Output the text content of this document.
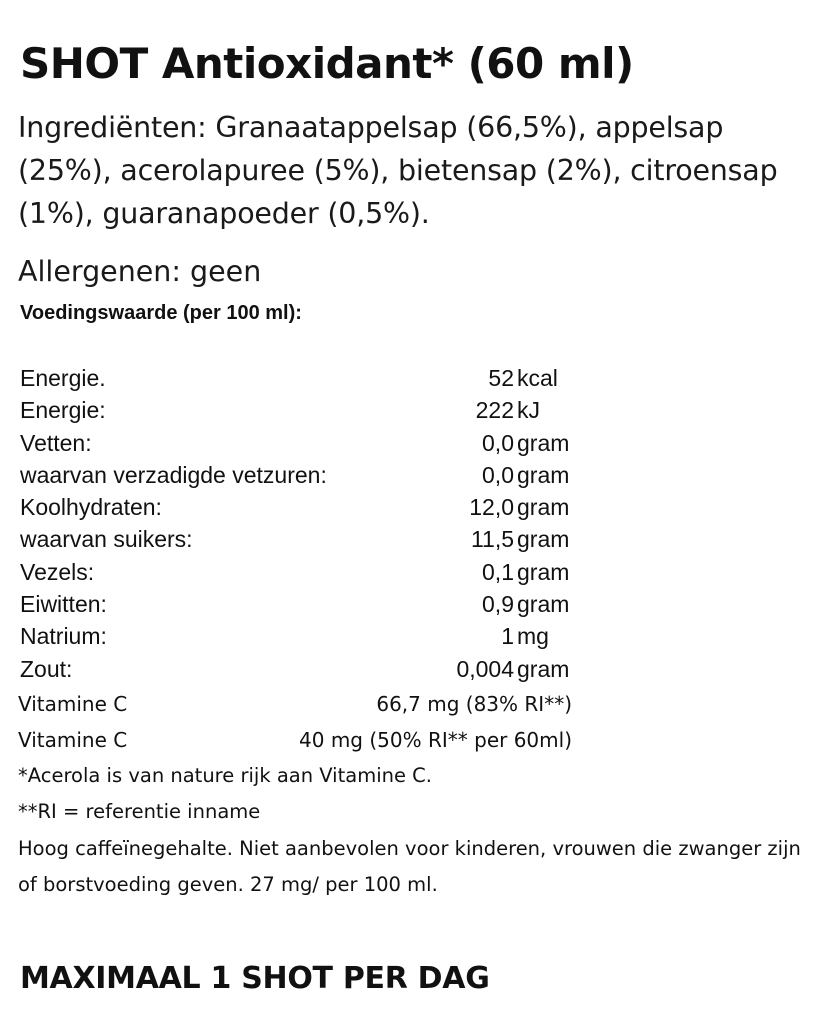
SHOT Antioxidant* (60 ml)
Ingrediënten: Granaatappelsap (66,5%), appelsap (25%), acerolapuree (5%), bietensap (2%), citroensap (1%), guaranapoeder (0,5%).
Allergenen: geen
Voedingswaarde (per 100 ml):
Energie.	52 kcal
Energie:	222 kJ
Vetten:	0,0 gram
waarvan verzadigde vetzuren:	0,0 gram
Koolhydraten:	12,0 gram
waarvan suikers:	11,5 gram
Vezels:	0,1 gram
Eiwitten:	0,9 gram
Natrium:	1 mg
Zout:	0,004 gram
Vitamine C	66,7 mg (83% RI**)
Vitamine C	40 mg (50% RI** per 60ml)
*Acerola is van nature rijk aan Vitamine C.
**RI = referentie inname
Hoog caffeïnegehalte. Niet aanbevolen voor kinderen, vrouwen die zwanger zijn of borstvoeding geven. 27 mg/ per 100 ml.
MAXIMAAL 1 SHOT PER DAG
